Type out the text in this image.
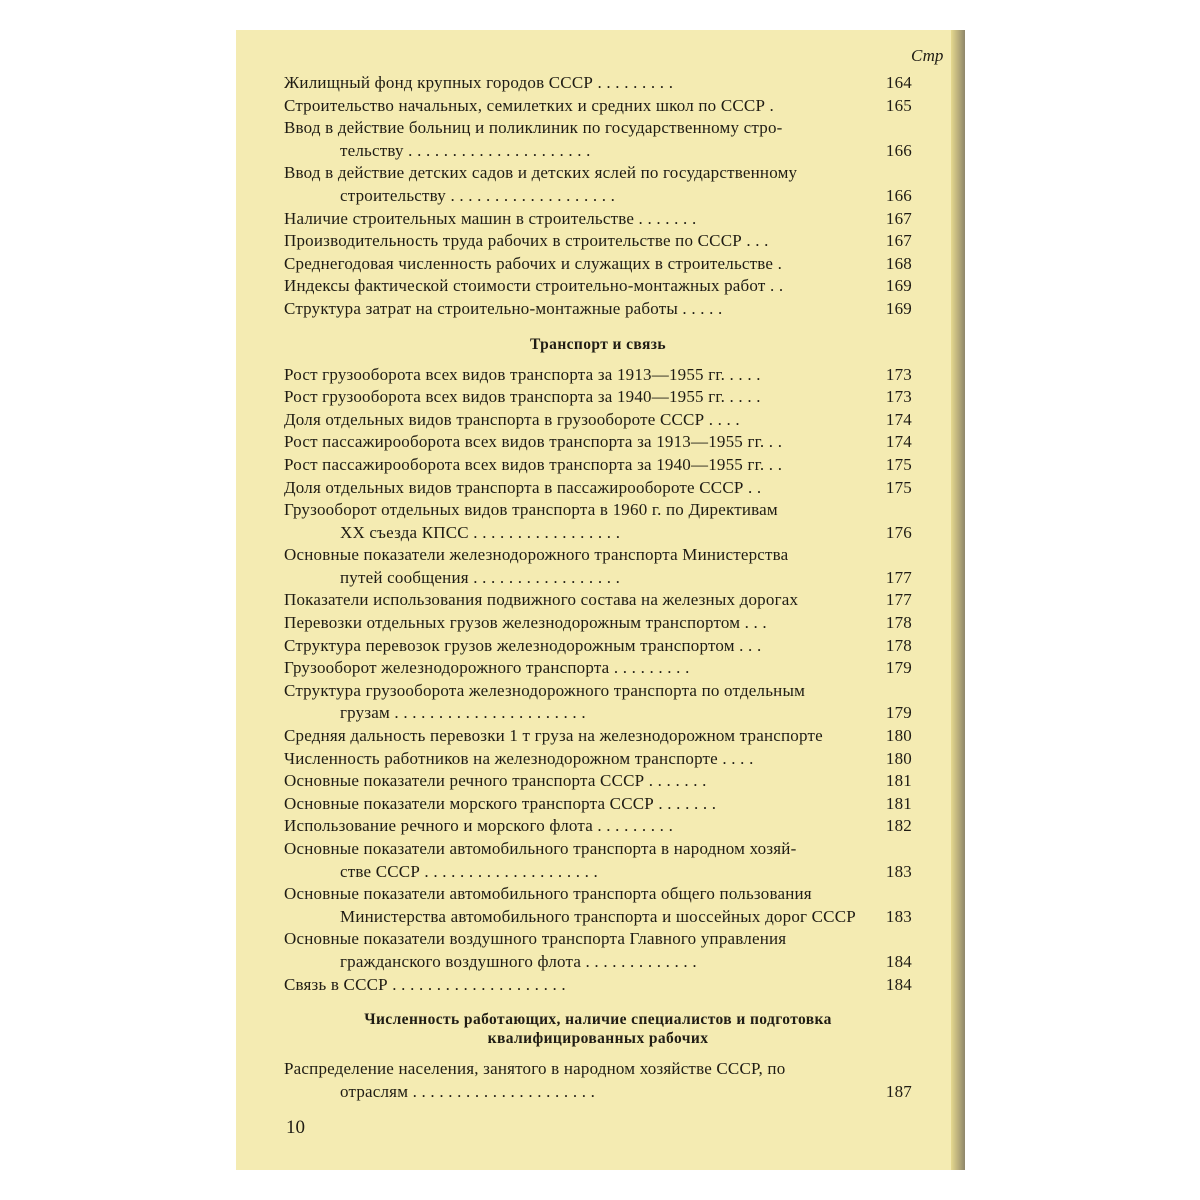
Стр
Жилищный фонд крупных городов СССР . . . . . . . . .	164
Строительство начальных, семилетких и средних школ по СССР .	165
Ввод в действие больниц и поликлиник по государственному стро-
тельству . . . . . . . . . . . . . . . . . . . . .	166
Ввод в действие детских садов и детских яслей по государственному
строительству . . . . . . . . . . . . . . . . . . .	166
Наличие строительных машин в строительстве . . . . . . .	167
Производительность труда рабочих в строительстве по СССР . . .	167
Среднегодовая численность рабочих и служащих в строительстве .	168
Индексы фактической стоимости строительно-монтажных работ . .	169
Структура затрат на строительно-монтажные работы . . . . .	169
Транспорт и связь
Рост грузооборота всех видов транспорта за 1913—1955 гг. . . . .	173
Рост грузооборота всех видов транспорта за 1940—1955 гг. . . . .	173
Доля отдельных видов транспорта в грузообороте СССР . . . .	174
Рост пассажирооборота всех видов транспорта за 1913—1955 гг. . .	174
Рост пассажирооборота всех видов транспорта за 1940—1955 гг. . .	175
Доля отдельных видов транспорта в пассажирообороте СССР . .	175
Грузооборот отдельных видов транспорта в 1960 г. по Директивам
XX съезда КПСС . . . . . . . . . . . . . . . . .	176
Основные показатели железнодорожного транспорта Министерства
путей сообщения . . . . . . . . . . . . . . . . .	177
Показатели использования подвижного состава на железных дорогах	177
Перевозки отдельных грузов железнодорожным транспортом . . .	178
Структура перевозок грузов железнодорожным транспортом . . .	178
Грузооборот железнодорожного транспорта . . . . . . . . .	179
Структура грузооборота железнодорожного транспорта по отдельным
грузам . . . . . . . . . . . . . . . . . . . . . .	179
Средняя дальность перевозки 1 т груза на железнодорожном транспорте	180
Численность работников на железнодорожном транспорте . . . .	180
Основные показатели речного транспорта СССР . . . . . . .	181
Основные показатели морского транспорта СССР . . . . . . .	181
Использование речного и морского флота . . . . . . . . .	182
Основные показатели автомобильного транспорта в народном хозяй-
стве СССР . . . . . . . . . . . . . . . . . . . .	183
Основные показатели автомобильного транспорта общего пользования
Министерства автомобильного транспорта и шоссейных дорог СССР	183
Основные показатели воздушного транспорта Главного управления
гражданского воздушного флота . . . . . . . . . . . . .	184
Связь в СССР . . . . . . . . . . . . . . . . . . . .	184
Численность работающих, наличие специалистов и подготовка
квалифицированных рабочих
Распределение населения, занятого в народном хозяйстве СССР, по
отраслям . . . . . . . . . . . . . . . . . . . . .	187
10
